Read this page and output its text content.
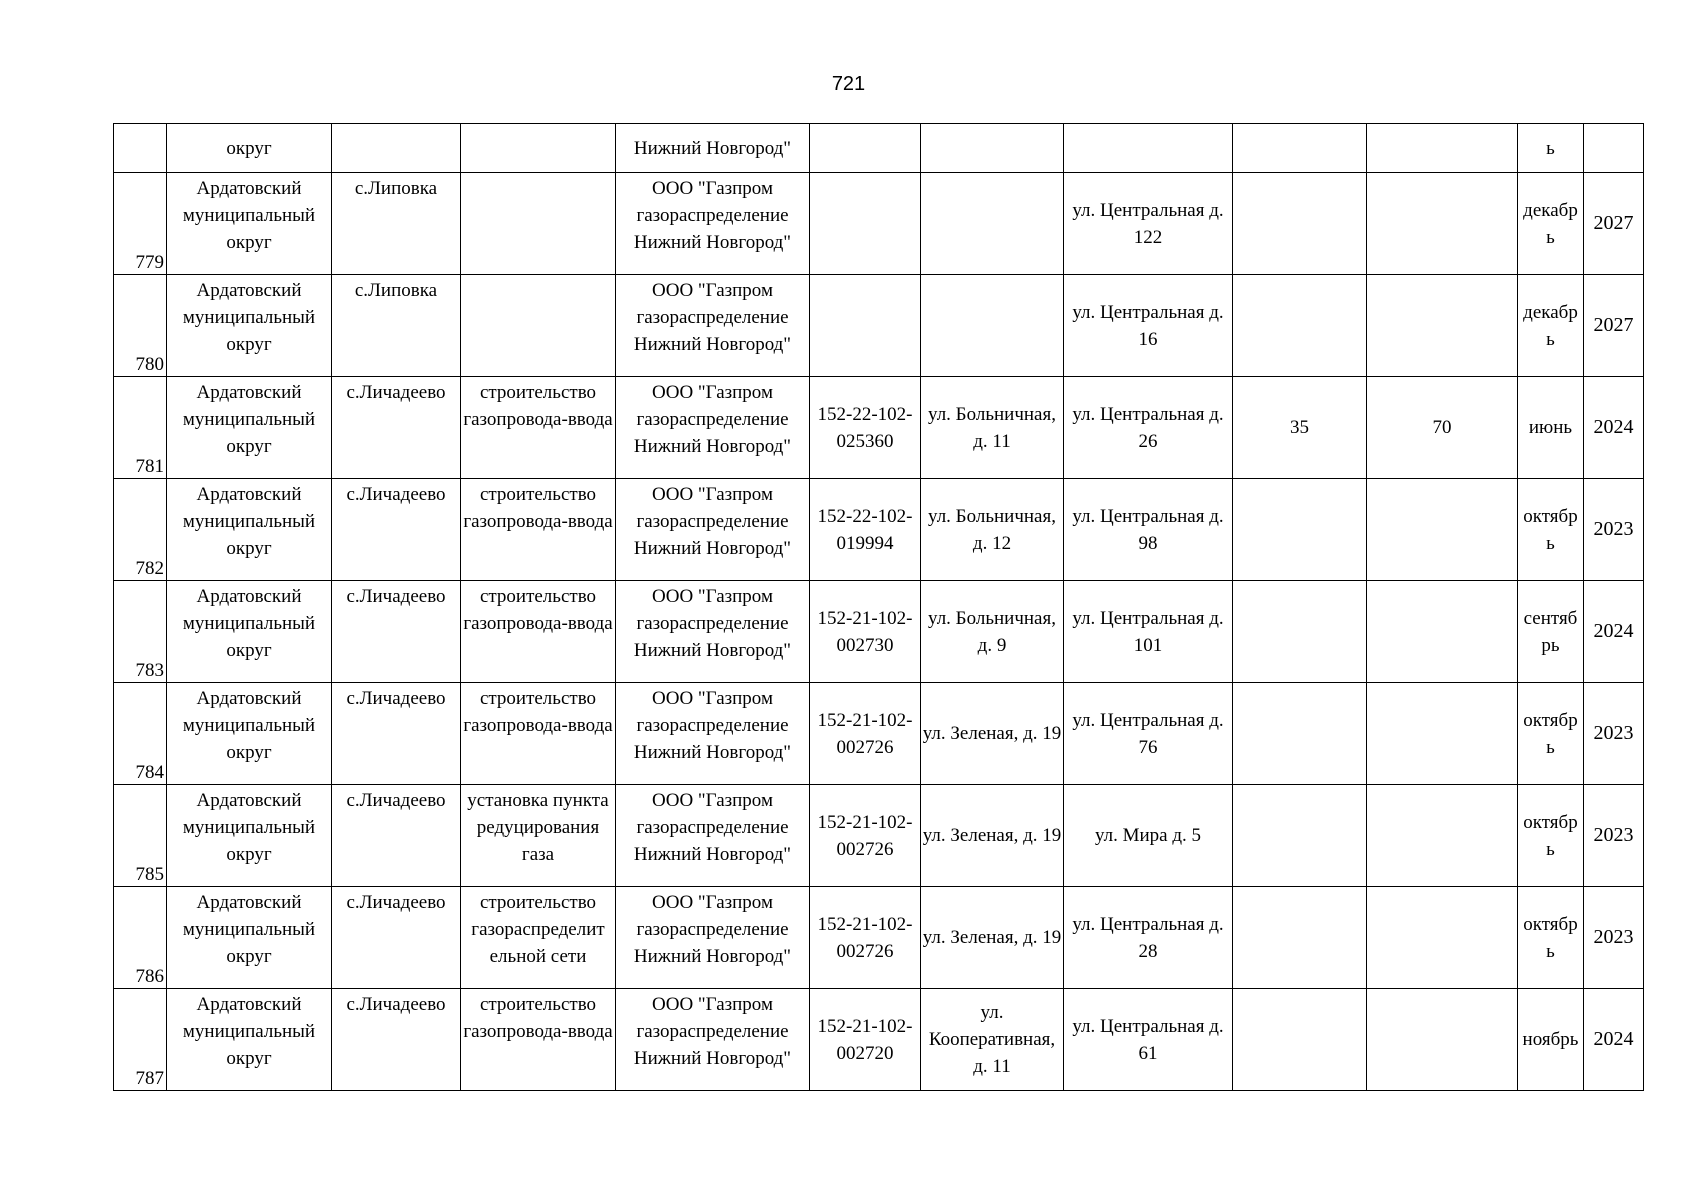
721
	округ			Нижний Новгород"						ь	
779	Ардатовский муниципальный округ	с.Липовка		ООО "Газпром газораспределение Нижний Новгород"			ул. Центральная д. 122			декабр ь	2027
780	Ардатовский муниципальный округ	с.Липовка		ООО "Газпром газораспределение Нижний Новгород"			ул. Центральная д. 16			декабр ь	2027
781	Ардатовский муниципальный округ	с.Личадеево	строительство газопровода-ввода	ООО "Газпром газораспределение Нижний Новгород"	152-22-102-025360	ул. Больничная, д. 11	ул. Центральная д. 26	35	70	июнь	2024
782	Ардатовский муниципальный округ	с.Личадеево	строительство газопровода-ввода	ООО "Газпром газораспределение Нижний Новгород"	152-22-102-019994	ул. Больничная, д. 12	ул. Центральная д. 98			октябр ь	2023
783	Ардатовский муниципальный округ	с.Личадеево	строительство газопровода-ввода	ООО "Газпром газораспределение Нижний Новгород"	152-21-102-002730	ул. Больничная, д. 9	ул. Центральная д. 101			сентяб рь	2024
784	Ардатовский муниципальный округ	с.Личадеево	строительство газопровода-ввода	ООО "Газпром газораспределение Нижний Новгород"	152-21-102-002726	ул. Зеленая, д. 19	ул. Центральная д. 76			октябр ь	2023
785	Ардатовский муниципальный округ	с.Личадеево	установка пункта редуцирования газа	ООО "Газпром газораспределение Нижний Новгород"	152-21-102-002726	ул. Зеленая, д. 19	ул. Мира д. 5			октябр ь	2023
786	Ардатовский муниципальный округ	с.Личадеево	строительство газораспределит ельной сети	ООО "Газпром газораспределение Нижний Новгород"	152-21-102-002726	ул. Зеленая, д. 19	ул. Центральная д. 28			октябр ь	2023
787	Ардатовский муниципальный округ	с.Личадеево	строительство газопровода-ввода	ООО "Газпром газораспределение Нижний Новгород"	152-21-102-002720	ул. Кооперативная, д. 11	ул. Центральная д. 61			ноябрь	2024
